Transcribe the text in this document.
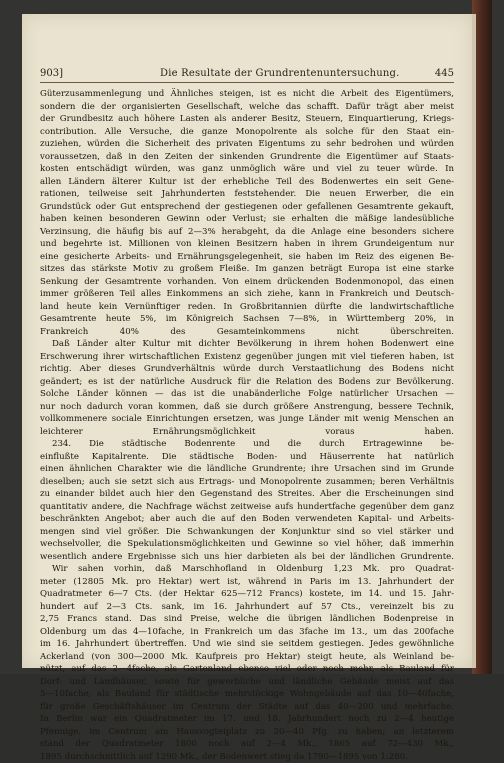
903]	Die Resultate der Grundrentenuntersuchung.	445
Güterzusammenlegung und Ähnliches steigen, ist es nicht die Arbeit des Eigentümers,
sondern die der organisierten Gesellschaft, welche das schafft. Dafür trägt aber meist
der Grundbesitz auch höhere Lasten als anderer Besitz, Steuern, Einquartierung, Kriegs-
contribution. Alle Versuche, die ganze Monopolrente als solche für den Staat ein-
zuziehen, würden die Sicherheit des privaten Eigentums zu sehr bedrohen und würden
voraussetzen, daß in den Zeiten der sinkenden Grundrente die Eigentümer auf Staats-
kosten entschädigt würden, was ganz unmöglich wäre und viel zu teuer würde. In
allen Ländern älterer Kultur ist der erhebliche Teil des Bodenwertes ein seit Gene-
rationen, teilweise seit Jahrhunderten feststehender. Die neuen Erwerber, die ein
Grundstück oder Gut entsprechend der gestiegenen oder gefallenen Gesamtrente gekauft,
haben keinen besonderen Gewinn oder Verlust; sie erhalten die mäßige landesübliche
Verzinsung, die häufig bis auf 2—3% herabgeht, da die Anlage eine besonders sichere
und begehrte ist. Millionen von kleinen Besitzern haben in ihrem Grundeigentum nur
eine gesicherte Arbeits- und Ernährungsgelegenheit, sie haben im Reiz des eigenen Be-
sitzes das stärkste Motiv zu großem Fleiße. Im ganzen beträgt Europa ist eine starke
Senkung der Gesamtrente vorhanden. Von einem drückenden Bodenmonopol, das einen
immer größeren Teil alles Einkommens an sich ziehe, kann in Frankreich und Deutsch-
land heute kein Vernünftiger reden. In Großbritannien dürfte die landwirtschaftliche
Gesamtrente heute 5%, im Königreich Sachsen 7—8%, in Württemberg 20%, in
Frankreich 40% des Gesamteinkommens nicht überschreiten.
Daß Länder alter Kultur mit dichter Bevölkerung in ihrem hohen Bodenwert eine
Erschwerung ihrer wirtschaftlichen Existenz gegenüber jungen mit viel tieferen haben, ist
richtig. Aber dieses Grundverhältnis würde durch Verstaatlichung des Bodens nicht
geändert; es ist der natürliche Ausdruck für die Relation des Bodens zur Bevölkerung.
Solche Länder können — das ist die unabänderliche Folge natürlicher Ursachen —
nur noch dadurch voran kommen, daß sie durch größere Anstrengung, bessere Technik,
vollkommenere sociale Einrichtungen ersetzen, was junge Länder mit wenig Menschen an
leichterer Ernährungsmöglichkeit voraus haben.
234. Die städtische Bodenrente und die durch Ertragewinne be-
einflußte Kapitalrente. Die städtische Boden- und Häuserrente hat natürlich
einen ähnlichen Charakter wie die ländliche Grundrente; ihre Ursachen sind im Grunde
dieselben; auch sie setzt sich aus Ertrags- und Monopolrente zusammen; beren Verhältnis
zu einander bildet auch hier den Gegenstand des Streites. Aber die Erscheinungen sind
quantitativ andere, die Nachfrage wächst zeitweise aufs hundertfache gegenüber dem ganz
beschränkten Angebot; aber auch die auf den Boden verwendeten Kapital- und Arbeits-
mengen sind viel größer. Die Schwankungen der Konjunktur sind so viel stärker und
wechselvoller, die Spekulationsmöglichkeiten und Gewinne so viel höher, daß immerhin
wesentlich andere Ergebnisse sich uns hier darbieten als bei der ländlichen Grundrente.
Wir sahen vorhin, daß Marschhofland in Oldenburg 1,23 Mk. pro Quadrat-
meter (12805 Mk. pro Hektar) wert ist, während in Paris im 13. Jahrhundert der
Quadratmeter 6—7 Cts. (der Hektar 625—712 Francs) kostete, im 14. und 15. Jahr-
hundert auf 2—3 Cts. sank, im 16. Jahrhundert auf 57 Cts., vereinzelt bis zu
2,75 Francs stand. Das sind Preise, welche die übrigen ländlichen Bodenpreise in
Oldenburg um das 4—10fache, in Frankreich um das 3fache im 13., um das 200fache
im 16. Jahrhundert übertreffen. Und wie sind sie seitdem gestiegen. Jedes gewöhnliche
Ackerland (von 300—2000 Mk. Kaufpreis pro Hektar) steigt heute, als Weinland be-
nützt, auf das 2—4fache, als Gartenland ebenso viel oder noch mehr, als Bauland für
Dorf- und Landhäuser, sowie für gewerbliche und ländliche Gebäude meist auf das
5—10fache, als Bauland für städtische mehrstöckige Wohngebäude auf das 10—40fache,
für große Geschäftshäuser im Centrum der Städte auf das 40—200 und mehrfache.
In Berlin war ein Quadratmeter im 17. und 18. Jahrhundert noch zu 2—4 heutige
Pfennige, im Centrum am Hausvogteiplatz zu 20—40 Pfg. zu haben; an letzterem
stand der Quadratmeter 1800 noch auf 2—4 Mk., 1865 auf 72—430 Mk.,
1895 durchschnittlich auf 1290 Mk., der Bodenwert stieg da 1790—1895 von 1:280.
